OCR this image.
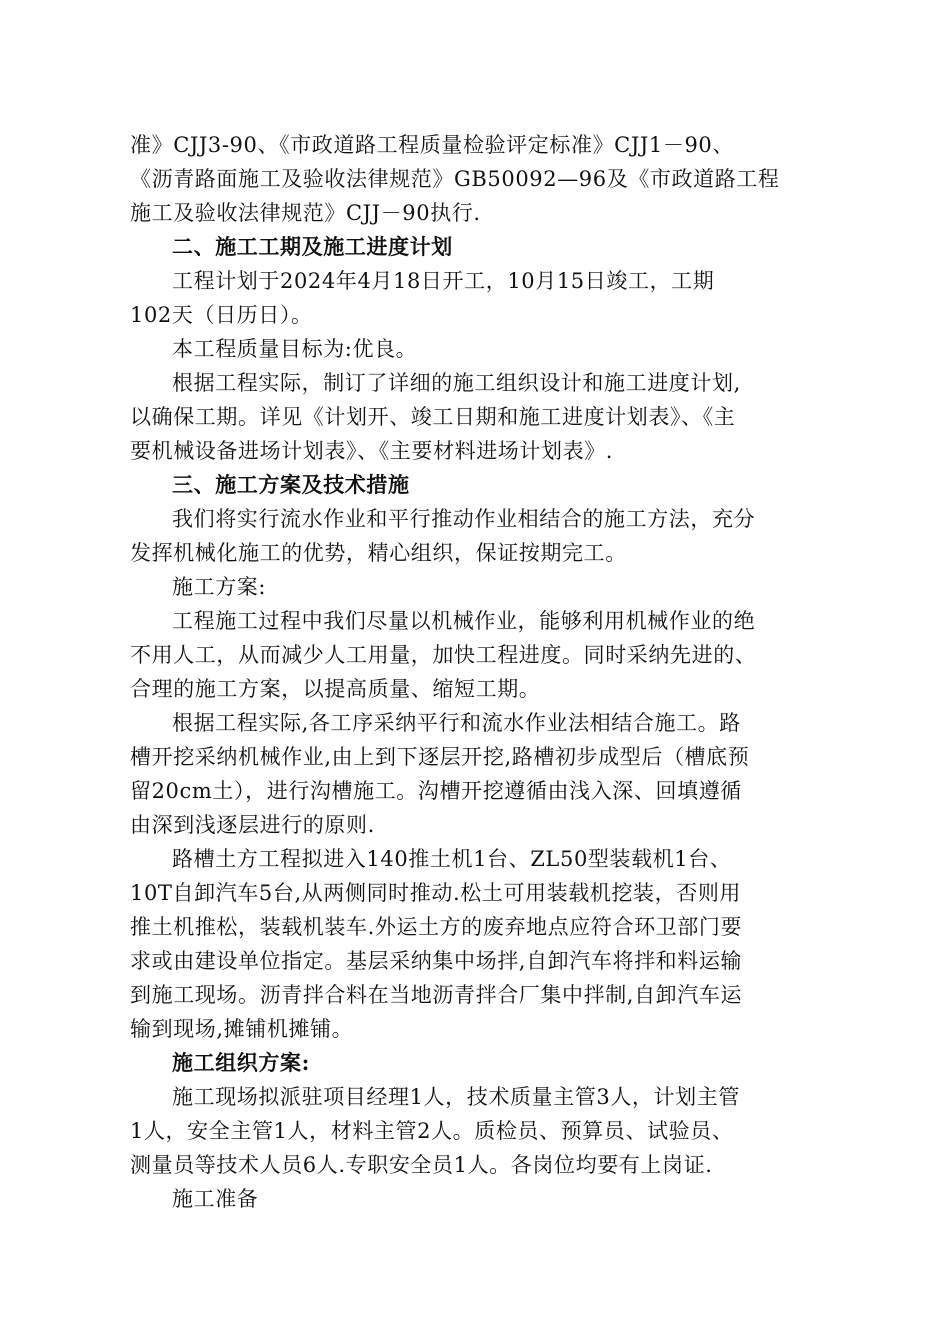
准》CJJ3-90、《市政道路工程质量检验评定标准》CJJ1－90、
《沥青路面施工及验收法律规范》GB50092—96及《市政道路工程
施工及验收法律规范》CJJ－90执行.
二、施工工期及施工进度计划
工程计划于2024年4月18日开工，10月15日竣工，工期
102天（日历日）。
本工程质量目标为:优良。
根据工程实际，制订了详细的施工组织设计和施工进度计划,
以确保工期。详见《计划开、竣工日期和施工进度计划表》、《主
要机械设备进场计划表》、《主要材料进场计划表》.
三、施工方案及技术措施
我们将实行流水作业和平行推动作业相结合的施工方法，充分
发挥机械化施工的优势，精心组织，保证按期完工。
施工方案:
工程施工过程中我们尽量以机械作业，能够利用机械作业的绝
不用人工，从而减少人工用量，加快工程进度。同时采纳先进的、
合理的施工方案，以提高质量、缩短工期。
根据工程实际,各工序采纳平行和流水作业法相结合施工。路
槽开挖采纳机械作业,由上到下逐层开挖,路槽初步成型后（槽底预
留20cm土），进行沟槽施工。沟槽开挖遵循由浅入深、回填遵循
由深到浅逐层进行的原则.
路槽土方工程拟进入140推土机1台、ZL50型装载机1台、
10T自卸汽车5台,从两侧同时推动.松土可用装载机挖装，否则用
推土机推松，装载机装车.外运土方的废弃地点应符合环卫部门要
求或由建设单位指定。基层采纳集中场拌,自卸汽车将拌和料运输
到施工现场。沥青拌合料在当地沥青拌合厂集中拌制,自卸汽车运
输到现场,摊铺机摊铺。
施工组织方案:
施工现场拟派驻项目经理1人，技术质量主管3人，计划主管
1人，安全主管1人，材料主管2人。质检员、预算员、试验员、
测量员等技术人员6人.专职安全员1人。各岗位均要有上岗证.
施工准备
